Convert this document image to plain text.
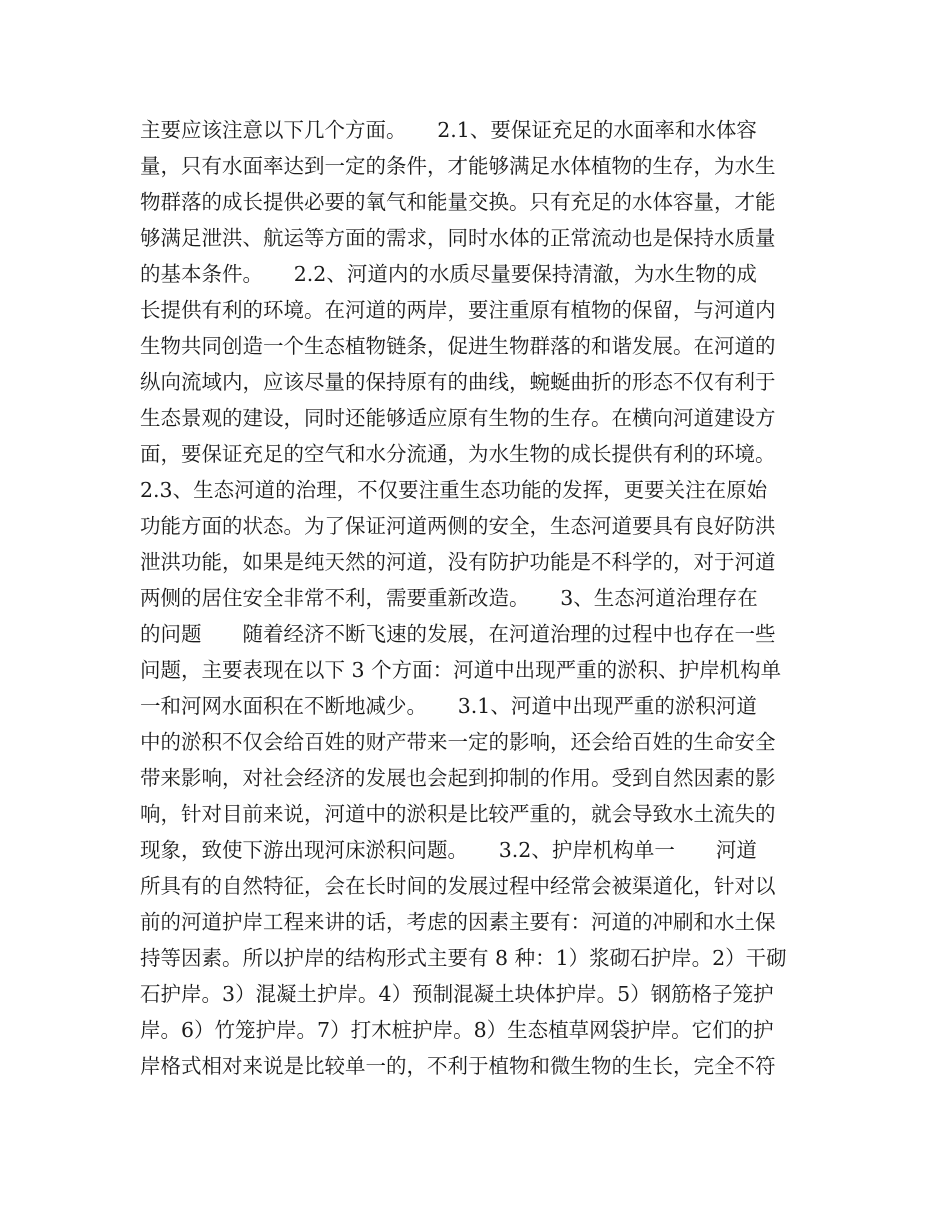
主要应该注意以下几个方面。　　2.1、要保证充足的水面率和水体容
量，只有水面率达到一定的条件，才能够满足水体植物的生存，为水生
物群落的成长提供必要的氧气和能量交换。只有充足的水体容量，才能
够满足泄洪、航运等方面的需求，同时水体的正常流动也是保持水质量
的基本条件。　　2.2、河道内的水质尽量要保持清澈，为水生物的成
长提供有利的环境。在河道的两岸，要注重原有植物的保留，与河道内
生物共同创造一个生态植物链条，促进生物群落的和谐发展。在河道的
纵向流域内，应该尽量的保持原有的曲线，蜿蜒曲折的形态不仅有利于
生态景观的建设，同时还能够适应原有生物的生存。在横向河道建设方
面，要保证充足的空气和水分流通，为水生物的成长提供有利的环境。
2.3、生态河道的治理，不仅要注重生态功能的发挥，更要关注在原始
功能方面的状态。为了保证河道两侧的安全，生态河道要具有良好防洪
泄洪功能，如果是纯天然的河道，没有防护功能是不科学的，对于河道
两侧的居住安全非常不利，需要重新改造。　　3、生态河道治理存在
的问题　　随着经济不断飞速的发展，在河道治理的过程中也存在一些
问题，主要表现在以下 3 个方面：河道中出现严重的淤积、护岸机构单
一和河网水面积在不断地减少。　　3.1、河道中出现严重的淤积河道
中的淤积不仅会给百姓的财产带来一定的影响，还会给百姓的生命安全
带来影响，对社会经济的发展也会起到抑制的作用。受到自然因素的影
响，针对目前来说，河道中的淤积是比较严重的，就会导致水土流失的
现象，致使下游出现河床淤积问题。　　3.2、护岸机构单一　　河道
所具有的自然特征，会在长时间的发展过程中经常会被渠道化，针对以
前的河道护岸工程来讲的话，考虑的因素主要有：河道的冲刷和水土保
持等因素。所以护岸的结构形式主要有 8 种：1）浆砌石护岸。2）干砌
石护岸。3）混凝土护岸。4）预制混凝土块体护岸。5）钢筋格子笼护
岸。6）竹笼护岸。7）打木桩护岸。8）生态植草网袋护岸。它们的护
岸格式相对来说是比较单一的，不利于植物和微生物的生长，完全不符
